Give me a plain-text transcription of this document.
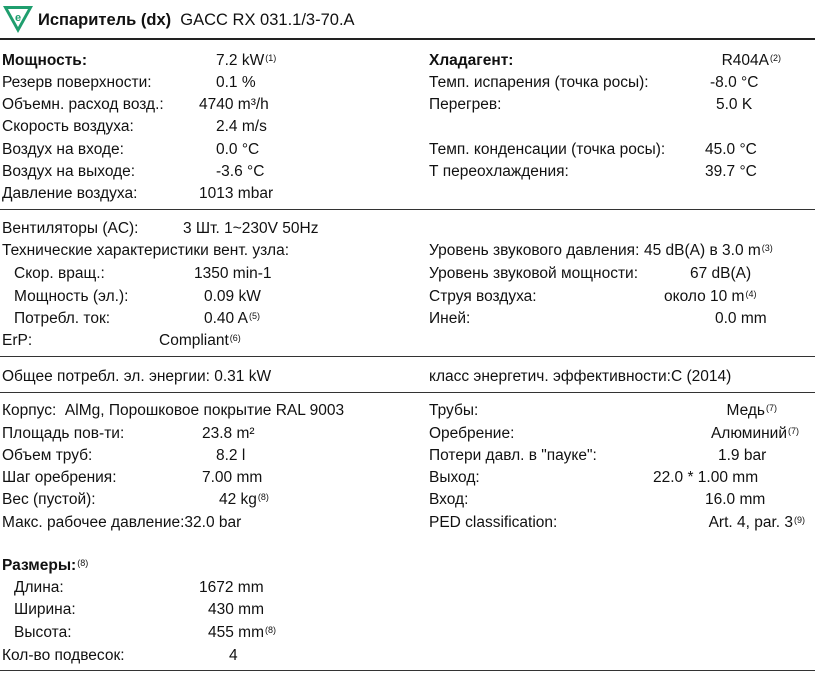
e Испаритель (dx) GACC RX 031.1/3-70.A
Мощность:	7.2 $kW^{(1)}$
Резерв поверхности:	0.1 %
Объемн. расход возд.: 4740 m³/h
Скорость воздуха:	2.4 m/s
Воздух на входе:	0.0 °C
Воздух на выходе:	-3.6 °C
Давление воздуха:	1013 mbar
Хладагент:	$R404A^{(2)}$
Темп. испарения (точка росы):	-8.0 °C
Перегрев:	5.0 K
Темп. конденсации (точка росы):	45.0 °C
Т переохлаждения:	39.7 °C
Вентиляторы (AC):	3 Шт. 1~230V 50Hz
Технические характеристики вент. узла:
Скор. вращ.:	1350 min-1
Мощность (эл.):	0.09 kW
Потребл. ток:	0.40 $A^{(5)}$
ErP:	Compliant$^{(6)}$
Уровень звукового давления: 45 dB(A) в 3.0 $m^{(3)}$
Уровень звуковой мощности:	67 dB(A)
Струя воздуха:	около 10 $m^{(4)}$
Иней:	0.0 mm
Общее потребл. эл. энергии: 0.31 kW	класс энергетич. эффективности:C (2014)
Корпус: AlMg, Порошковое покрытие RAL 9003
Площадь пов-ти:	23.8 m²
Объем труб:	8.2 l
Шаг оребрения:	7.00 mm
Вес (пустой):	42 $kg^{(8)}$
Макс. рабочее давление:32.0 bar
Трубы:	Медь$^{(7)}$
Оребрение:	Алюминий$^{(7)}$
Потери давл. в "пауке":	1.9 bar
Выход:	22.0 * 1.00 mm
Вход:	16.0 mm
PED classification:	Art. 4, par. 3$^{(9)}$
Размеры:$^{(8)}$
Длина:	1672 mm
Ширина:	430 mm
Высота:	455 $mm^{(8)}$
Кол-во подвесок:	4
